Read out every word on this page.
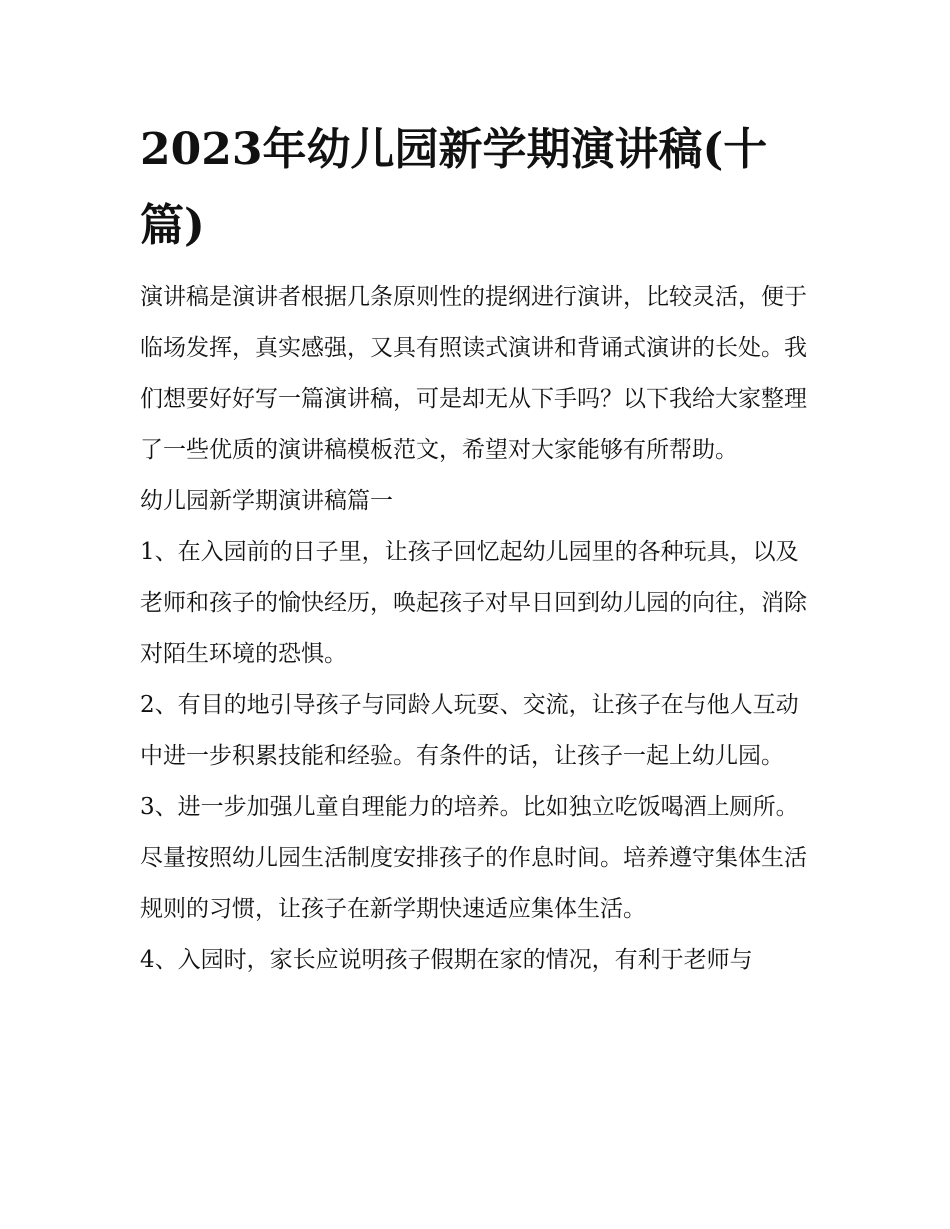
2023年幼儿园新学期演讲稿(十篇)

演讲稿是演讲者根据几条原则性的提纲进行演讲，比较灵活，便于临场发挥，真实感强，又具有照读式演讲和背诵式演讲的长处。我们想要好好写一篇演讲稿，可是却无从下手吗？以下我给大家整理了一些优质的演讲稿模板范文，希望对大家能够有所帮助。

幼儿园新学期演讲稿篇一

1、在入园前的日子里，让孩子回忆起幼儿园里的各种玩具，以及老师和孩子的愉快经历，唤起孩子对早日回到幼儿园的向往，消除对陌生环境的恐惧。

2、有目的地引导孩子与同龄人玩耍、交流，让孩子在与他人互动中进一步积累技能和经验。有条件的话，让孩子一起上幼儿园。

3、进一步加强儿童自理能力的培养。比如独立吃饭喝酒上厕所。尽量按照幼儿园生活制度安排孩子的作息时间。培养遵守集体生活规则的习惯，让孩子在新学期快速适应集体生活。

4、入园时，家长应说明孩子假期在家的情况，有利于老师与
